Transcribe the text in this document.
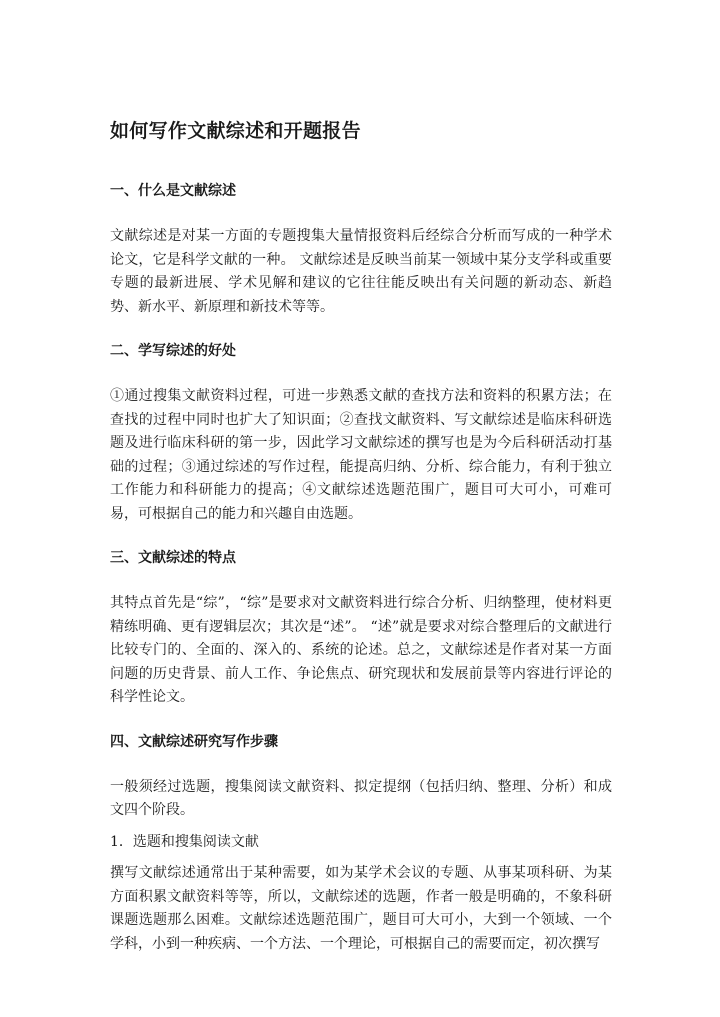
如何写作文献综述和开题报告
一、什么是文献综述

文献综述是对某一方面的专题搜集大量情报资料后经综合分析而写成的一种学术论文，它是科学文献的一种。 文献综述是反映当前某一领域中某分支学科或重要专题的最新进展、学术见解和建议的它往往能反映出有关问题的新动态、新趋势、新水平、新原理和新技术等等。

二、学写综述的好处

①通过搜集文献资料过程，可进一步熟悉文献的查找方法和资料的积累方法；在查找的过程中同时也扩大了知识面；②查找文献资料、写文献综述是临床科研选题及进行临床科研的第一步，因此学习文献综述的撰写也是为今后科研活动打基础的过程；③通过综述的写作过程，能提高归纳、分析、综合能力，有利于独立工作能力和科研能力的提高；④文献综述选题范围广，题目可大可小，可难可易，可根据自己的能力和兴趣自由选题。

三、文献综述的特点

其特点首先是“综”，“综”是要求对文献资料进行综合分析、归纳整理，使材料更精练明确、更有逻辑层次；其次是“述”。 “述”就是要求对综合整理后的文献进行比较专门的、全面的、深入的、系统的论述。总之，文献综述是作者对某一方面问题的历史背景、前人工作、争论焦点、研究现状和发展前景等内容进行评论的科学性论文。

四、文献综述研究写作步骤

一般须经过选题，搜集阅读文献资料、拟定提纲（包括归纳、整理、分析）和成文四个阶段。

1．选题和搜集阅读文献

撰写文献综述通常出于某种需要，如为某学术会议的专题、从事某项科研、为某方面积累文献资料等等，所以，文献综述的选题，作者一般是明确的，不象科研课题选题那么困难。文献综述选题范围广，题目可大可小，大到一个领域、一个学科，小到一种疾病、一个方法、一个理论，可根据自己的需要而定，初次撰写
